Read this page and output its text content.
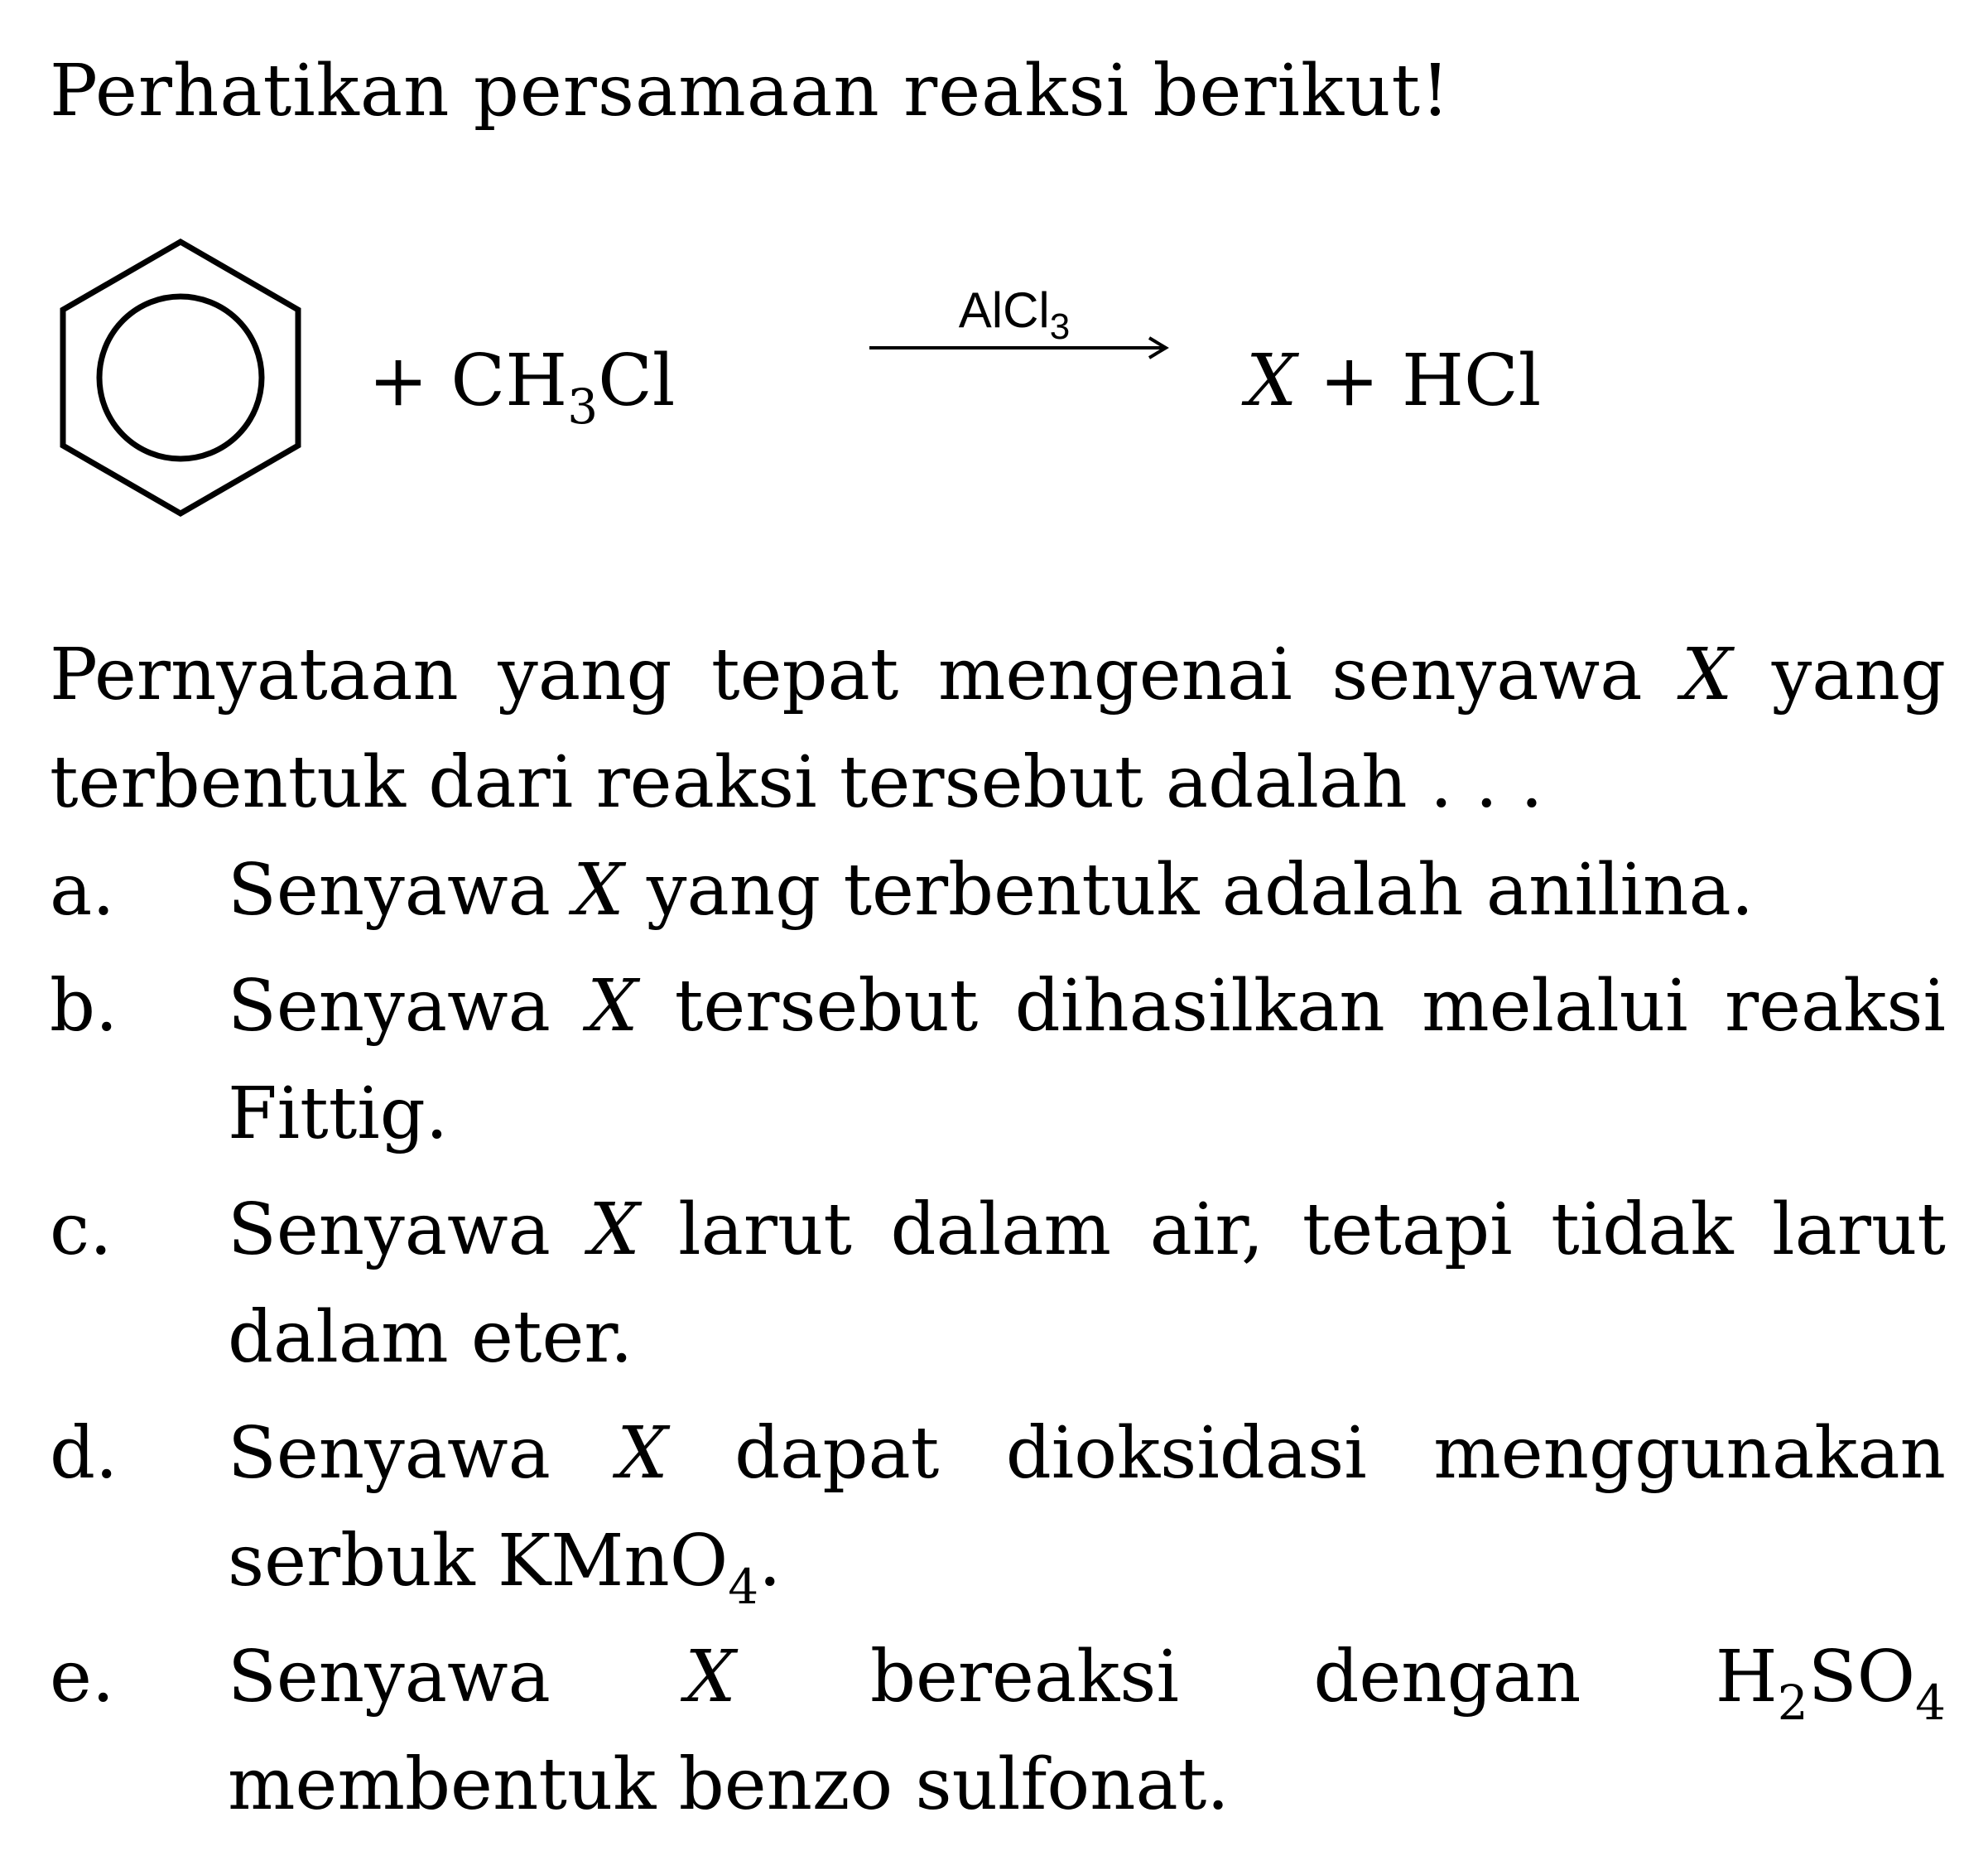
Perhatikan persamaan reaksi berikut!
+ $CH_3Cl$
AlCl$_3$
X + HCl
Pernyataan yang tepat mengenai senyawa X yang terbentuk dari reaksi tersebut adalah . . .
a.	Senyawa X yang terbentuk adalah anilina.
b.	Senyawa X tersebut dihasilkan melalui reaksi Fittig.
c.	Senyawa X larut dalam air, tetapi tidak larut dalam eter.
d.	Senyawa X dapat dioksidasi menggunakan serbuk KMnO$_4$.
e.	Senyawa X bereaksi dengan $H_2SO_4$ membentuk benzo sulfonat.
